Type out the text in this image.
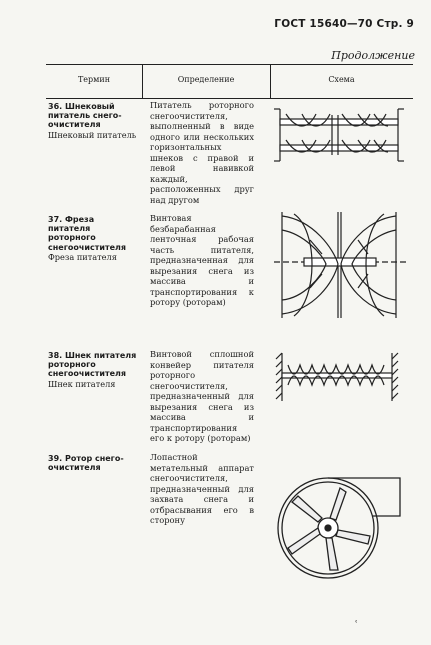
ГОСТ 15640—70 Стр. 9
Продолжение
Термин	Определение	Схема
36. Шнековый питатель снего-очистителя
Шнековый питатель
Питатель роторного снегоочистителя, выполненный в виде одного или нескольких горизонтальных шнеков с правой и левой навивкой каждый, расположенных друг над другом
37. Фреза питателя роторного снегоочистителя
Фреза питателя
Винтовая безбарабанная ленточная рабочая часть питателя, предназначенная для вырезания снега из массива и транспортирования к ротору (роторам)
38. Шнек питателя роторного снегоочистителя
Шнек питателя
Винтовой сплошной конвейер питателя роторного снегоочистителя, предназначенный для вырезания снега из массива и транспортирования его к ротору (роторам)
39. Ротор снего-очистителя
Лопастной метательный аппарат снегоочистителя, предназначенный для захвата снега и отбрасывания его в сторону
ʿ
